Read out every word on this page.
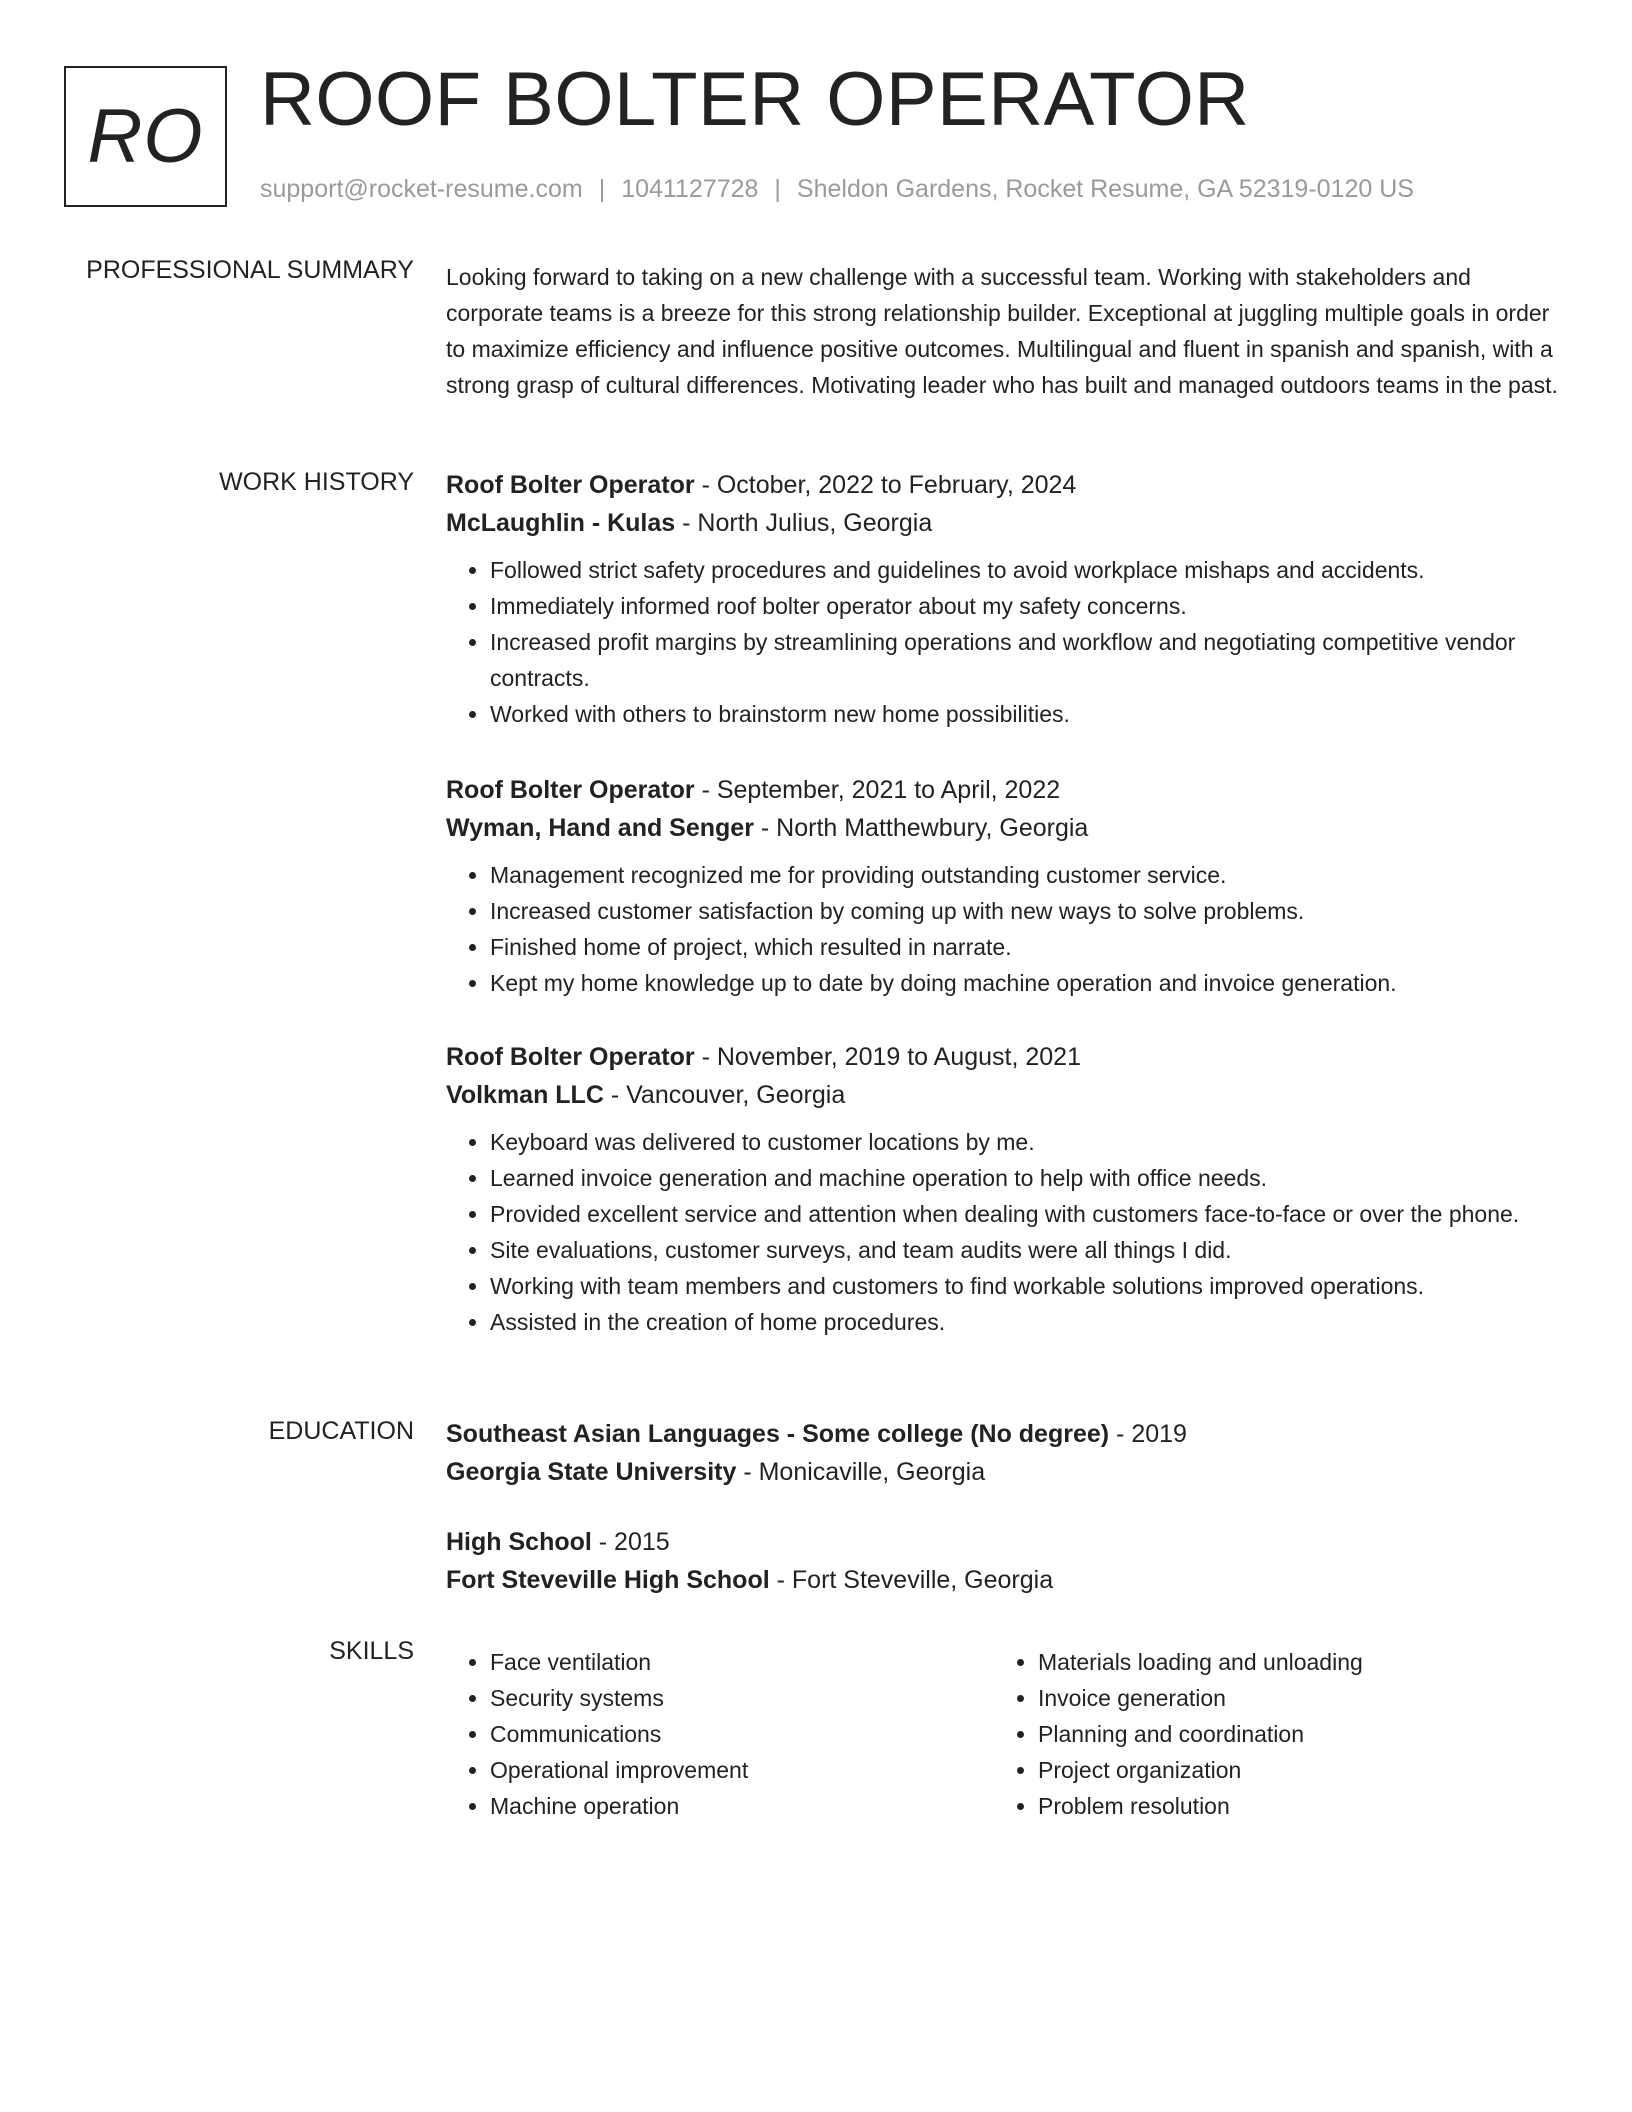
RO ROOF BOLTER OPERATOR
support@rocket-resume.com | 1041127728 | Sheldon Gardens, Rocket Resume, GA 52319-0120 US
PROFESSIONAL SUMMARY Looking forward to taking on a new challenge with a successful team. Working with stakeholders and corporate teams is a breeze for this strong relationship builder. Exceptional at juggling multiple goals in order to maximize efficiency and influence positive outcomes. Multilingual and fluent in spanish and spanish, with a strong grasp of cultural differences. Motivating leader who has built and managed outdoors teams in the past.
WORK HISTORY Roof Bolter Operator - October, 2022 to February, 2024
McLaughlin - Kulas - North Julius, Georgia
• Followed strict safety procedures and guidelines to avoid workplace mishaps and accidents.
• Immediately informed roof bolter operator about my safety concerns.
• Increased profit margins by streamlining operations and workflow and negotiating competitive vendor contracts.
• Worked with others to brainstorm new home possibilities.
Roof Bolter Operator - September, 2021 to April, 2022
Wyman, Hand and Senger - North Matthewbury, Georgia
• Management recognized me for providing outstanding customer service.
• Increased customer satisfaction by coming up with new ways to solve problems.
• Finished home of project, which resulted in narrate.
• Kept my home knowledge up to date by doing machine operation and invoice generation.
Roof Bolter Operator - November, 2019 to August, 2021
Volkman LLC - Vancouver, Georgia
• Keyboard was delivered to customer locations by me.
• Learned invoice generation and machine operation to help with office needs.
• Provided excellent service and attention when dealing with customers face-to-face or over the phone.
• Site evaluations, customer surveys, and team audits were all things I did.
• Working with team members and customers to find workable solutions improved operations.
• Assisted in the creation of home procedures.
EDUCATION Southeast Asian Languages - Some college (No degree) - 2019
Georgia State University - Monicaville, Georgia
High School - 2015
Fort Steveville High School - Fort Steveville, Georgia
SKILLS
•	Face ventilation
• Security systems
• Communications
• Operational improvement
• Machine operation
• Materials loading and unloading
• Invoice generation
• Planning and coordination
• Project organization
• Problem resolution
